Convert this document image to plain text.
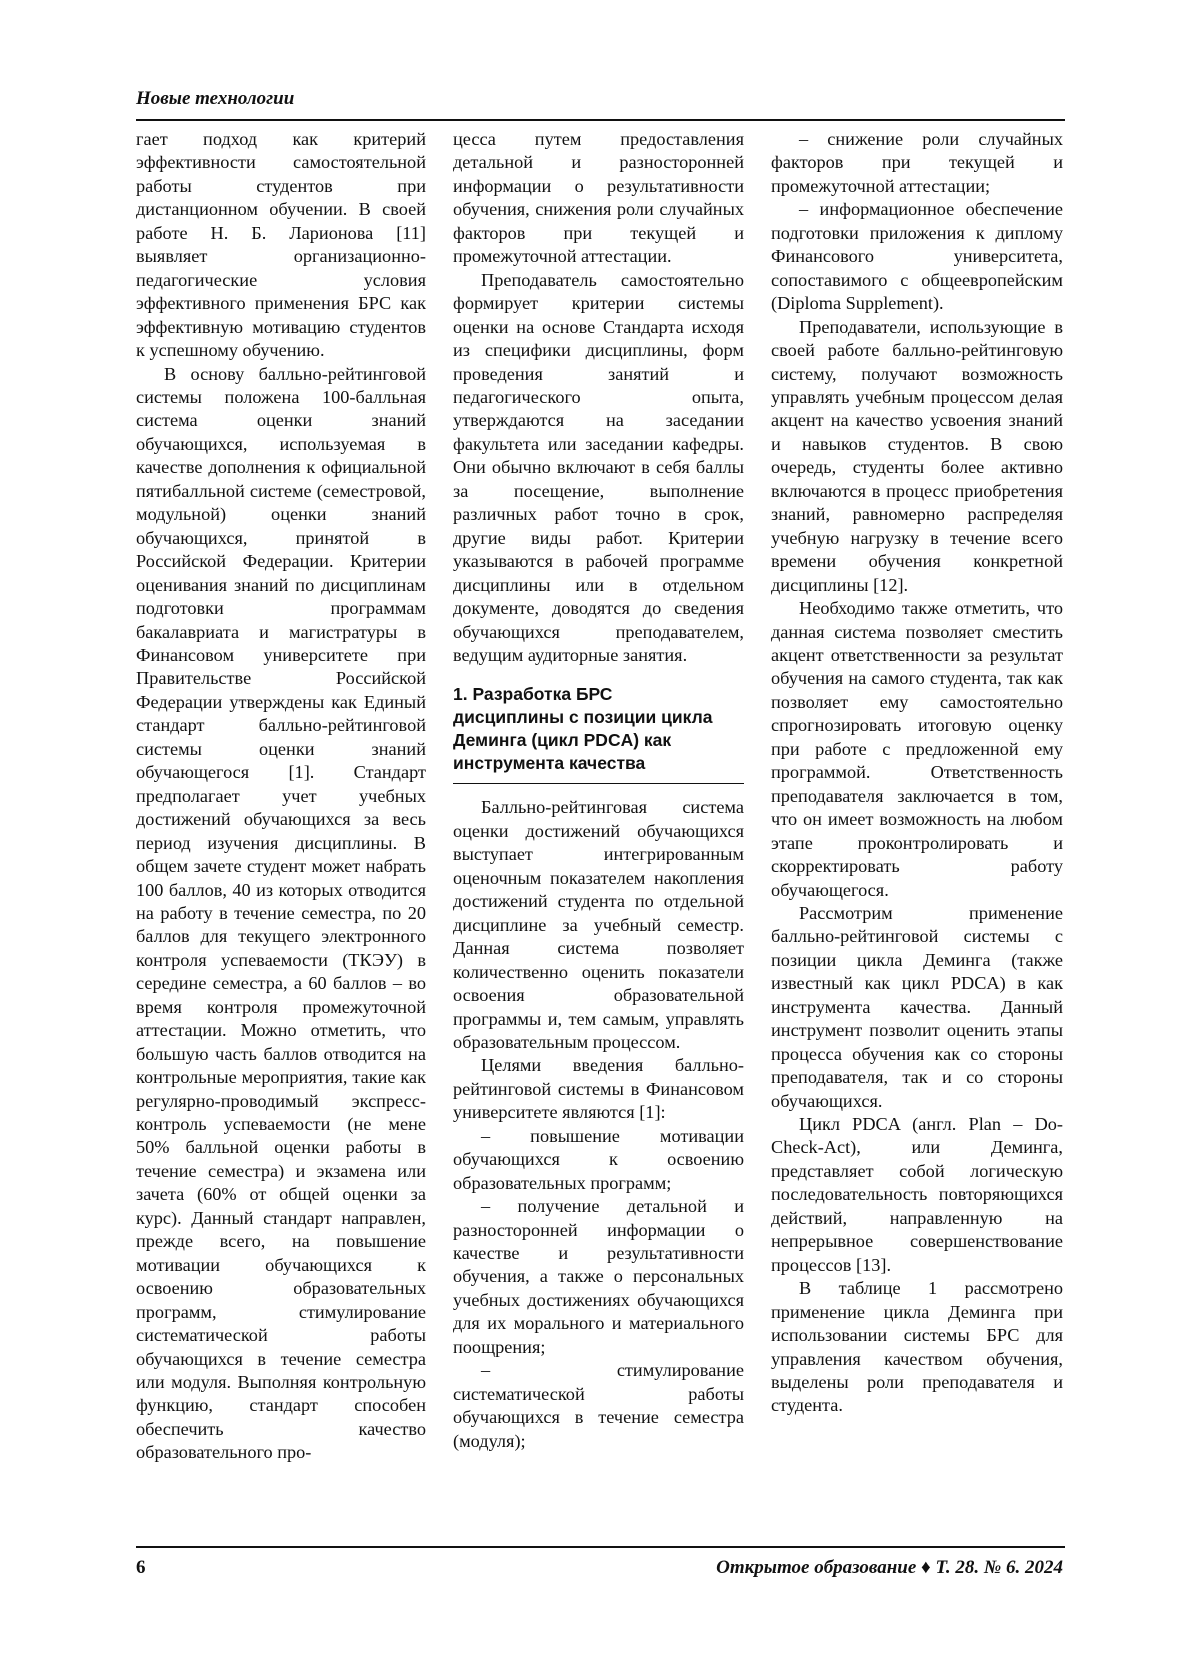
Новые технологии

гает подход как критерий эффективности самостоятельной работы студентов при дистанционном обучении. В своей работе Н. Б. Ларионова [11] выявляет организационно-педагогические условия эффективного применения БРС как эффективную мотивацию студентов к успешному обучению.

В основу балльно-рейтинговой системы положена 100-балльная система оценки знаний обучающихся, используемая в качестве дополнения к официальной пятибалльной системе (семестровой, модульной) оценки знаний обучающихся, принятой в Российской Федерации. Критерии оценивания знаний по дисциплинам подготовки программам бакалавриата и магистратуры в Финансовом университете при Правительстве Российской Федерации утверждены как Единый стандарт балльно-рейтинговой системы оценки знаний обучающегося [1]. Стандарт предполагает учет учебных достижений обучающихся за весь период изучения дисциплины. В общем зачете студент может набрать 100 баллов, 40 из которых отводится на работу в течение семестра, по 20 баллов для текущего электронного контроля успеваемости (ТКЭУ) в середине семестра, а 60 баллов – во время контроля промежуточной аттестации. Можно отметить, что большую часть баллов отводится на контрольные мероприятия, такие как регулярно-проводимый экспресс-контроль успеваемости (не мене 50% балльной оценки работы в течение семестра) и экзамена или зачета (60% от общей оценки за курс). Данный стандарт направлен, прежде всего, на повышение мотивации обучающихся к освоению образовательных программ, стимулирование систематической работы обучающихся в течение семестра или модуля. Выполняя контрольную функцию, стандарт способен обеспечить качество образовательного про-

цесса путем предоставления детальной и разносторонней информации о результативности обучения, снижения роли случайных факторов при текущей и промежуточной аттестации.

Преподаватель самостоятельно формирует критерии системы оценки на основе Стандарта исходя из специфики дисциплины, форм проведения занятий и педагогического опыта, утверждаются на заседании факультета или заседании кафедры. Они обычно включают в себя баллы за посещение, выполнение различных работ точно в срок, другие виды работ. Критерии указываются в рабочей программе дисциплины или в отдельном документе, доводятся до сведения обучающихся преподавателем, ведущим аудиторные занятия.

1. Разработка БРС
дисциплины с позиции цикла
Деминга (цикл PDCA) как
инструмента качества

Балльно-рейтинговая система оценки достижений обучающихся выступает интегрированным оценочным показателем накопления достижений студента по отдельной дисциплине за учебный семестр. Данная система позволяет количественно оценить показатели освоения образовательной программы и, тем самым, управлять образовательным процессом.

Целями введения балльно-рейтинговой системы в Финансовом университете являются [1]:

– повышение мотивации обучающихся к освоению образовательных программ;

– получение детальной и разносторонней информации о качестве и результативности обучения, а также о персональных учебных достижениях обучающихся для их морального и материального поощрения;

– стимулирование систематической работы обучающихся в течение семестра (модуля);

– снижение роли случайных факторов при текущей и промежуточной аттестации;

– информационное обеспечение подготовки приложения к диплому Финансового университета, сопоставимого с общеевропейским (Diploma Supplement).

Преподаватели, использующие в своей работе балльно-рейтинговую систему, получают возможность управлять учебным процессом делая акцент на качество усвоения знаний и навыков студентов. В свою очередь, студенты более активно включаются в процесс приобретения знаний, равномерно распределяя учебную нагрузку в течение всего времени обучения конкретной дисциплины [12].

Необходимо также отметить, что данная система позволяет сместить акцент ответственности за результат обучения на самого студента, так как позволяет ему самостоятельно спрогнозировать итоговую оценку при работе с предложенной ему программой. Ответственность преподавателя заключается в том, что он имеет возможность на любом этапе проконтролировать и скорректировать работу обучающегося.

Рассмотрим применение балльно-рейтинговой системы с позиции цикла Деминга (также известный как цикл PDCA) в как инструмента качества. Данный инструмент позволит оценить этапы процесса обучения как со стороны преподавателя, так и со стороны обучающихся.

Цикл PDCA (англ. Plan – Do-Check-Act), или Деминга, представляет собой логическую последовательность повторяющихся действий, направленную на непрерывное совершенствование процессов [13].

В таблице 1 рассмотрено применение цикла Деминга при использовании системы БРС для управления качеством обучения, выделены роли преподавателя и студента.

6	Открытое образование ♦ Т. 28. № 6. 2024
